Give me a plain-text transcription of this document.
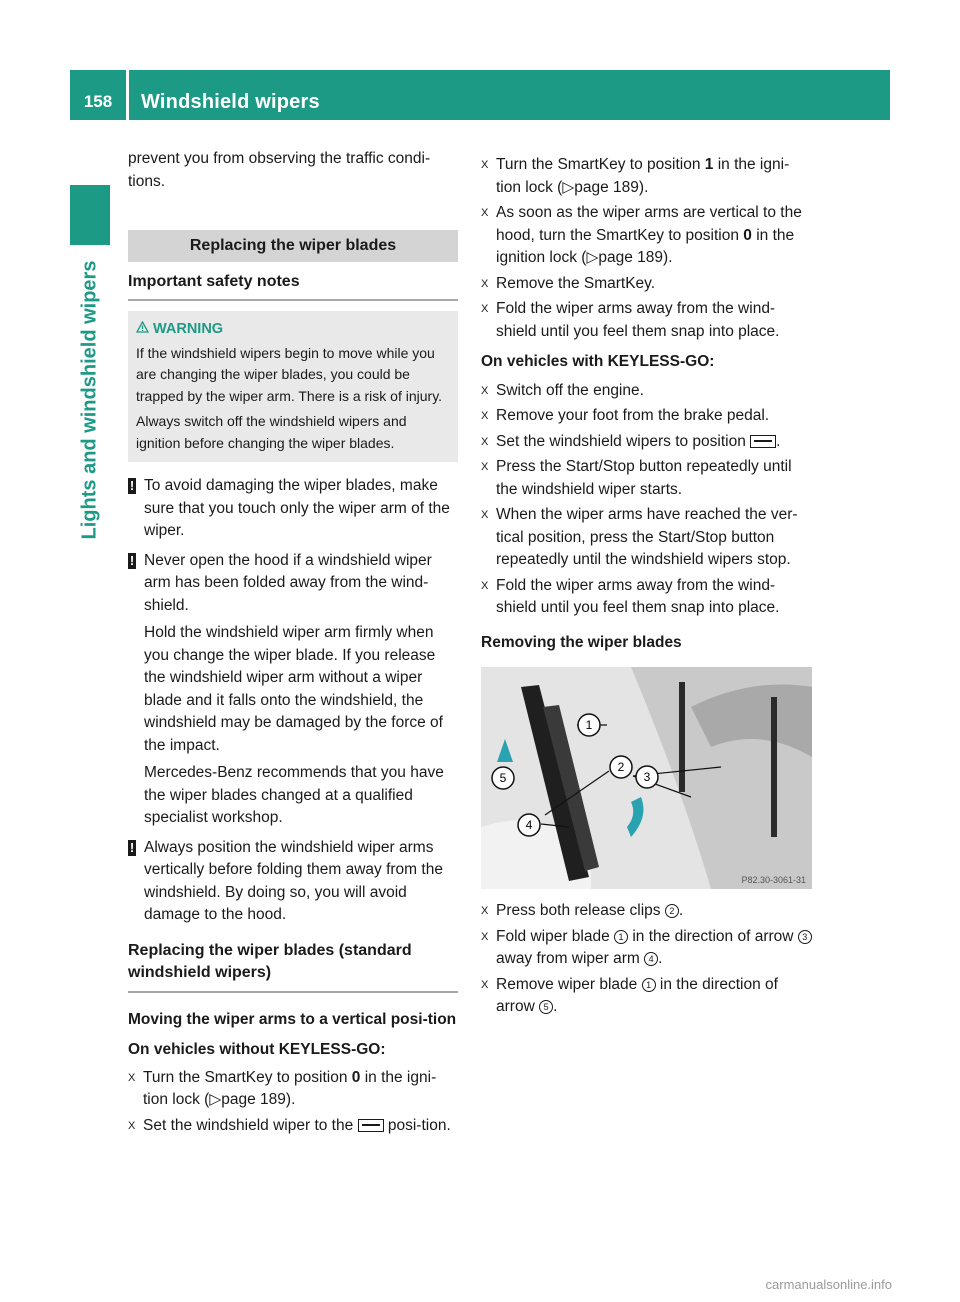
158	Windshield wipers
Lights and windshield wipers

prevent you from observing the traffic condi-tions.

Replacing the wiper blades
Important safety notes
WARNING

If the windshield wipers begin to move while you are changing the wiper blades, you could be trapped by the wiper arm. There is a risk of injury.

Always switch off the windshield wipers and ignition before changing the wiper blades.

! To avoid damaging the wiper blades, make sure that you touch only the wiper arm of the wiper.

! Never open the hood if a windshield wiper arm has been folded away from the wind-shield.

Hold the windshield wiper arm firmly when you change the wiper blade. If you release the windshield wiper arm without a wiper blade and it falls onto the windshield, the windshield may be damaged by the force of the impact.

Mercedes-Benz recommends that you have the wiper blades changed at a qualified specialist workshop.

! Always position the windshield wiper arms vertically before folding them away from the windshield. By doing so, you will avoid damage to the hood.

Replacing the wiper blades (standard windshield wipers)

Moving the wiper arms to a vertical posi-tion

On vehicles without KEYLESS-GO:

X Turn the SmartKey to position 0 in the igni-tion lock (▷page 189).
X Set the windshield wiper to the  posi-tion.
X Turn the SmartKey to position 1 in the igni-tion lock (▷page 189).
X As soon as the wiper arms are vertical to the hood, turn the SmartKey to position 0 in the ignition lock (▷page 189).
X Remove the SmartKey.
X Fold the wiper arms away from the wind-shield until you feel them snap into place.

On vehicles with KEYLESS-GO:

X Switch off the engine.
X Remove your foot from the brake pedal.
X Set the windshield wipers to position .
X Press the Start/Stop button repeatedly until the windshield wiper starts.
X When the wiper arms have reached the ver-tical position, press the Start/Stop button repeatedly until the windshield wipers stop.
X Fold the wiper arms away from the wind-shield until you feel them snap into place.

Removing the wiper blades

1
2
3
4
5
P82.30-3061-31
X Press both release clips 2 .
X Fold wiper blade 1 in the direction of arrow 3 away from wiper arm 4 .
X Remove wiper blade 1 in the direction of arrow 5 .
carmanualsonline.info
